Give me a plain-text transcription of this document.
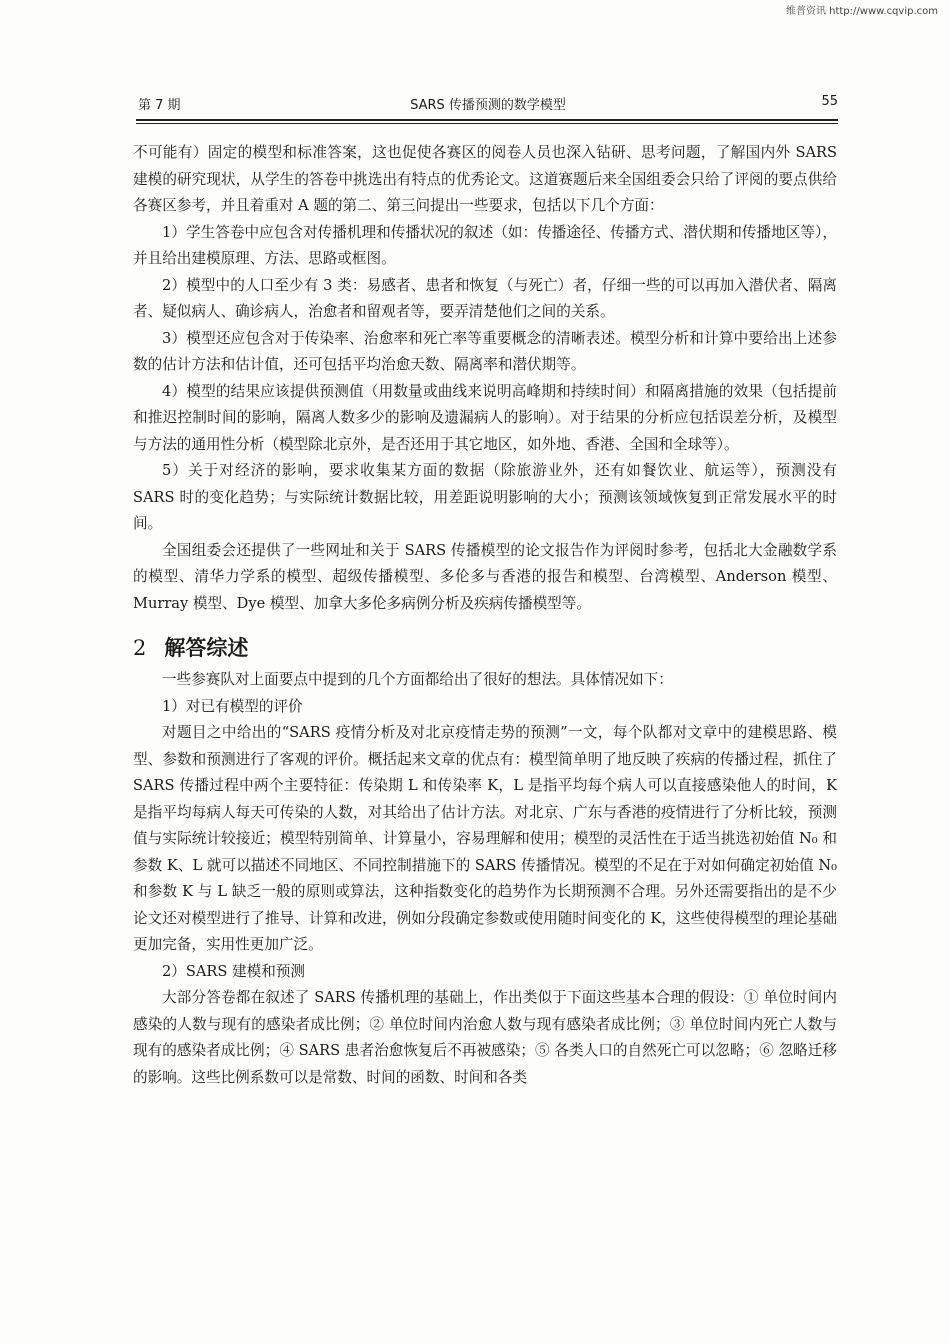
维普资讯 http://www.cqvip.com
第 7 期	SARS 传播预测的数学模型	55

不可能有）固定的模型和标准答案，这也促使各赛区的阅卷人员也深入钻研、思考问题，了解国内外 SARS 建模的研究现状，从学生的答卷中挑选出有特点的优秀论文。这道赛题后来全国组委会只给了评阅的要点供给各赛区参考，并且着重对 A 题的第二、第三问提出一些要求，包括以下几个方面：

1）学生答卷中应包含对传播机理和传播状况的叙述（如：传播途径、传播方式、潜伏期和传播地区等），并且给出建模原理、方法、思路或框图。

2）模型中的人口至少有 3 类：易感者、患者和恢复（与死亡）者，仔细一些的可以再加入潜伏者、隔离者、疑似病人、确诊病人，治愈者和留观者等，要弄清楚他们之间的关系。

3）模型还应包含对于传染率、治愈率和死亡率等重要概念的清晰表述。模型分析和计算中要给出上述参数的估计方法和估计值，还可包括平均治愈天数、隔离率和潜伏期等。

4）模型的结果应该提供预测值（用数量或曲线来说明高峰期和持续时间）和隔离措施的效果（包括提前和推迟控制时间的影响，隔离人数多少的影响及遗漏病人的影响）。对于结果的分析应包括误差分析，及模型与方法的通用性分析（模型除北京外，是否还用于其它地区，如外地、香港、全国和全球等）。

5）关于对经济的影响，要求收集某方面的数据（除旅游业外，还有如餐饮业、航运等），预测没有 SARS 时的变化趋势；与实际统计数据比较，用差距说明影响的大小；预测该领域恢复到正常发展水平的时间。

全国组委会还提供了一些网址和关于 SARS 传播模型的论文报告作为评阅时参考，包括北大金融数学系的模型、清华力学系的模型、超级传播模型、多伦多与香港的报告和模型、台湾模型、Anderson 模型、Murray 模型、Dye 模型、加拿大多伦多病例分析及疾病传播模型等。

2 解答综述

一些参赛队对上面要点中提到的几个方面都给出了很好的想法。具体情况如下：

1）对已有模型的评价

对题目之中给出的“SARS 疫情分析及对北京疫情走势的预测”一文，每个队都对文章中的建模思路、模型、参数和预测进行了客观的评价。概括起来文章的优点有：模型简单明了地反映了疾病的传播过程，抓住了 SARS 传播过程中两个主要特征：传染期 L 和传染率 K，L 是指平均每个病人可以直接感染他人的时间，K 是指平均每病人每天可传染的人数，对其给出了估计方法。对北京、广东与香港的疫情进行了分析比较，预测值与实际统计较接近；模型特别简单、计算量小，容易理解和使用；模型的灵活性在于适当挑选初始值 N₀ 和参数 K、L 就可以描述不同地区、不同控制措施下的 SARS 传播情况。模型的不足在于对如何确定初始值 N₀ 和参数 K 与 L 缺乏一般的原则或算法，这种指数变化的趋势作为长期预测不合理。另外还需要指出的是不少论文还对模型进行了推导、计算和改进，例如分段确定参数或使用随时间变化的 K，这些使得模型的理论基础更加完备，实用性更加广泛。

2）SARS 建模和预测

大部分答卷都在叙述了 SARS 传播机理的基础上，作出类似于下面这些基本合理的假设：① 单位时间内感染的人数与现有的感染者成比例；② 单位时间内治愈人数与现有感染者成比例；③ 单位时间内死亡人数与现有的感染者成比例；④ SARS 患者治愈恢复后不再被感染；⑤ 各类人口的自然死亡可以忽略；⑥ 忽略迁移的影响。这些比例系数可以是常数、时间的函数、时间和各类
